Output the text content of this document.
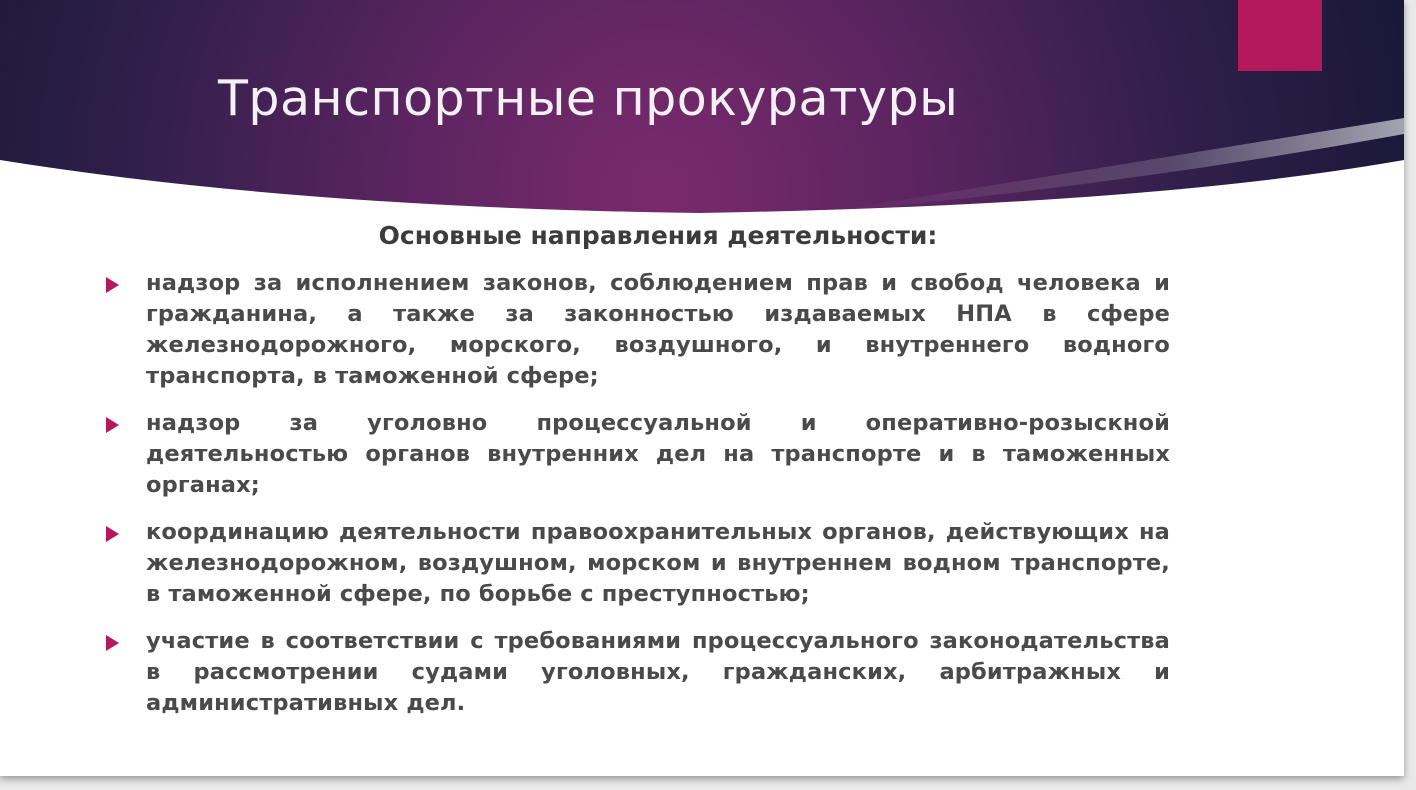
Транспортные прокуратуры
Основные направления деятельности:
надзор за исполнением законов, соблюдением прав и свобод человека и гражданина, а также за законностью издаваемых НПА в сфере железнодорожного, морского, воздушного, и внутреннего водного транспорта, в таможенной сфере;
надзор за уголовно процессуальной и оперативно-розыскной деятельностью органов внутренних дел на транспорте и в таможенных органах;
координацию деятельности правоохранительных органов, действующих на железнодорожном, воздушном, морском и внутреннем водном транспорте, в таможенной сфере, по борьбе с преступностью;
участие в соответствии с требованиями процессуального законодательства в рассмотрении судами уголовных, гражданских, арбитражных и административных дел.
